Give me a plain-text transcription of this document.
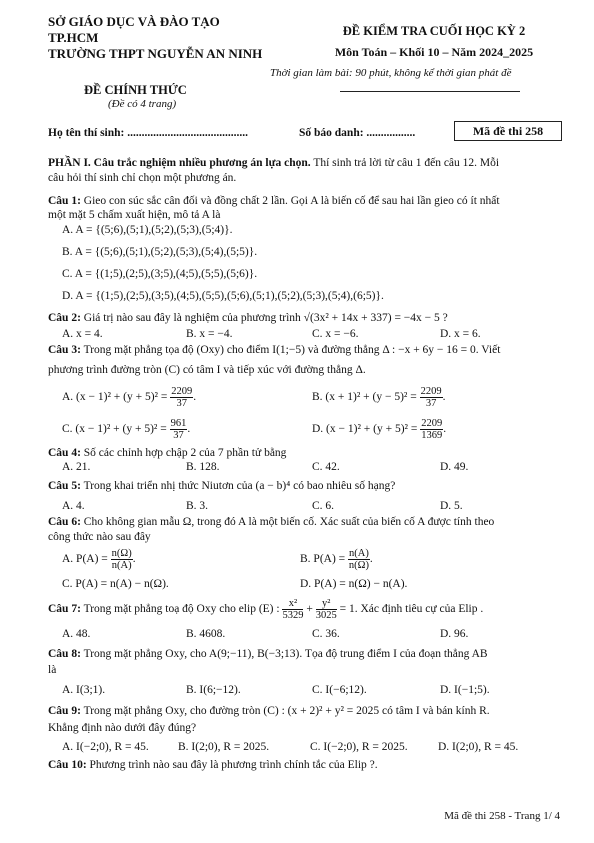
SỞ GIÁO DỤC VÀ ĐÀO TẠO
TP.HCM
TRƯỜNG THPT NGUYỄN AN NINH
ĐỀ KIỂM TRA CUỐI HỌC KỲ 2
Môn Toán – Khối 10 – Năm 2024_2025
Thời gian làm bài: 90 phút, không kể thời gian phát đề
ĐỀ CHÍNH THỨC
(Đề có 4 trang)
Họ tên thí sinh: ..........................................	Số báo danh: .................	Mã đề thi 258
PHẦN I. Câu trắc nghiệm nhiều phương án lựa chọn. Thí sinh trả lời từ câu 1 đến câu 12. Mỗi
câu hỏi thí sinh chỉ chọn một phương án.
Câu 1: Gieo con súc sắc cân đối và đồng chất 2 lần. Gọi A là biến cố để sau hai lần gieo có ít nhất
một mặt 5 chấm xuất hiện, mô tả A là
A. A = {(5;6),(5;1),(5;2),(5;3),(5;4)}.
B. A = {(5;6),(5;1),(5;2),(5;3),(5;4),(5;5)}.
C. A = {(1;5),(2;5),(3;5),(4;5),(5;5),(5;6)}.
D. A = {(1;5),(2;5),(3;5),(4;5),(5;5),(5;6),(5;1),(5;2),(5;3),(5;4),(6;5)}.
Câu 2: Giá trị nào sau đây là nghiệm của phương trình √(3x² + 14x + 337) = −4x − 5 ?
A. x = 4.	B. x = −4.	C. x = −6.	D. x = 6.
Câu 3: Trong mặt phẳng tọa độ (Oxy) cho điểm I(1;−5) và đường thẳng Δ : −x + 6y − 16 = 0. Viết
phương trình đường tròn (C) có tâm I và tiếp xúc với đường thẳng Δ.
A. $(x - 1)^2 + (y + 5)^2 = \frac{2209}{37}$ .	B. $(x + 1)^2 + (y - 5)^2 = \frac{2209}{37}$ .
C. $(x - 1)^2 + (y + 5)^2 = \frac{961}{37}$ .	D. $(x - 1)^2 + (y + 5)^2 = \frac{2209}{1369}$ .
Câu 4: Số các chỉnh hợp chập 2 của 7 phần tử bằng
A. 21.	B. 128.	C. 42.	D. 49.
Câu 5: Trong khai triển nhị thức Niutơn của (a − b)⁴ có bao nhiêu số hạng?
A. 4.	B. 3.	C. 6.	D. 5.
Câu 6: Cho không gian mẫu Ω, trong đó A là một biến cố. Xác suất của biến cố A được tính theo
công thức nào sau đây
A. $P(A) = \frac{n(\Omega)}{n(A)}$ .	B. $P(A) = \frac{n(A)}{n(\Omega)}$ .
C. P(A) = n(A) − n(Ω).	D. P(A) = n(Ω) − n(A).
Câu 7: Trong mặt phẳng toạ độ Oxy cho elip (E) : $\frac{\text{x²}}{5329} + \frac{\text{y²}}{3025} = 1$. Xác định tiêu cự của Elip .
A. 48.	B. 4608.	C. 36.	D. 96.
Câu 8: Trong mặt phẳng Oxy, cho A(9;−11), B(−3;13). Tọa độ trung điểm I của đoạn thẳng AB
là
A. I(3;1).	B. I(6;−12).	C. I(−6;12).	D. I(−1;5).
Câu 9: Trong mặt phẳng Oxy, cho đường tròn (C) : (x + 2)² + y² = 2025 có tâm I và bán kính R.
Khẳng định nào dưới đây đúng?
A. I(−2;0), R = 45.	B. I(2;0), R = 2025.	C. I(−2;0), R = 2025.	D. I(2;0), R = 45.
Câu 10: Phương trình nào sau đây là phương trình chính tắc của Elip ?.
Mã đề thi 258 - Trang 1/ 4
